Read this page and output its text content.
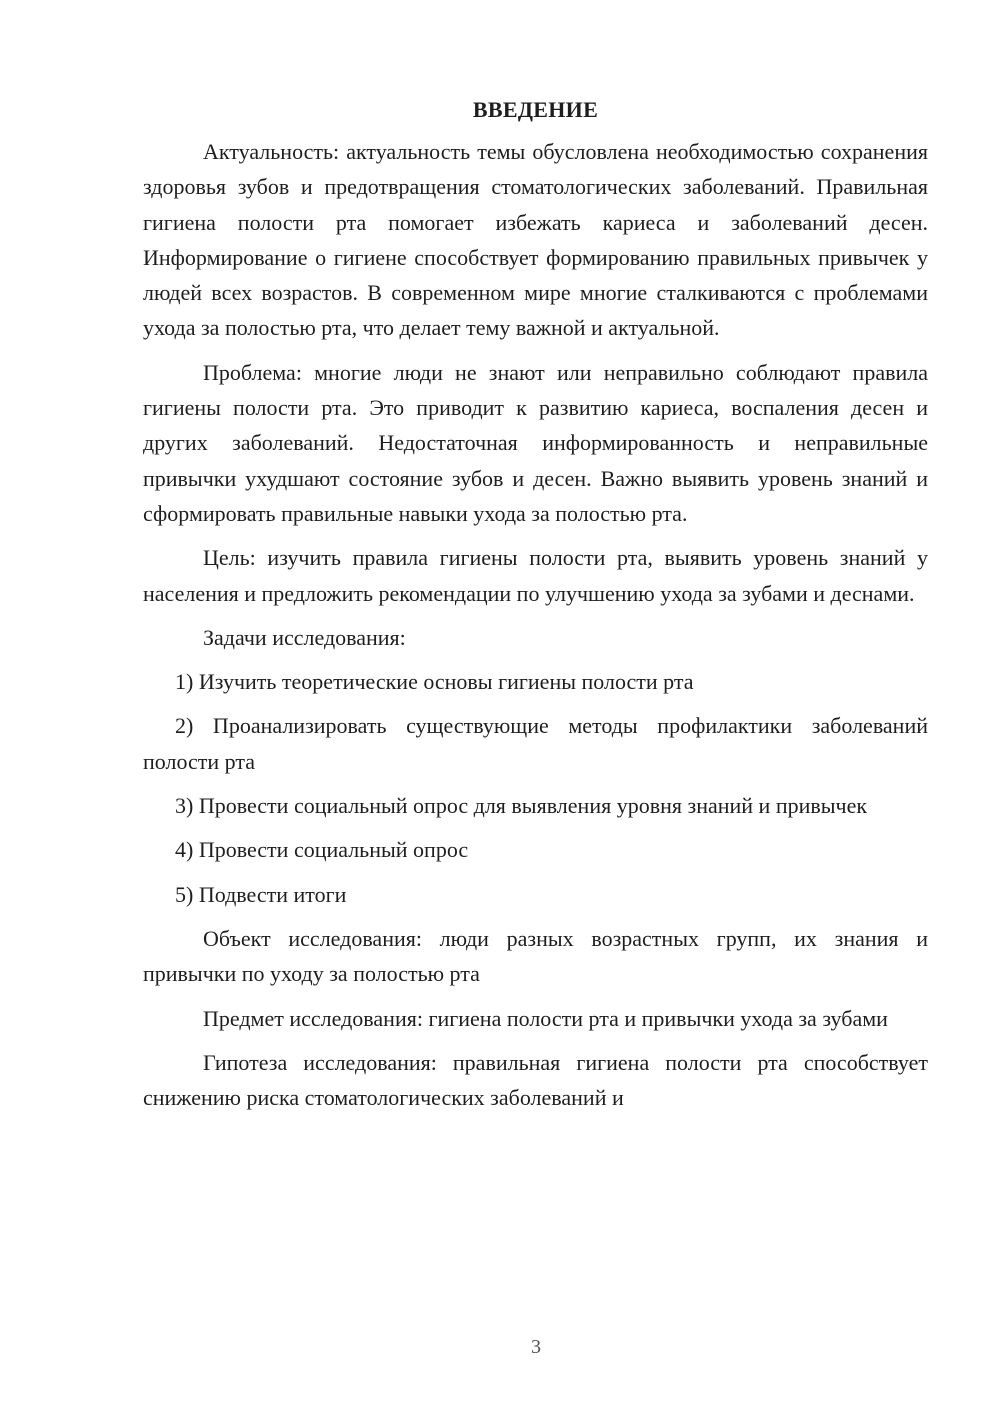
ВВЕДЕНИЕ

Актуальность: актуальность темы обусловлена необходимостью сохранения здоровья зубов и предотвращения стоматологических заболеваний. Правильная гигиена полости рта помогает избежать кариеса и заболеваний десен. Информирование о гигиене способствует формированию правильных привычек у людей всех возрастов. В современном мире многие сталкиваются с проблемами ухода за полостью рта, что делает тему важной и актуальной.

Проблема: многие люди не знают или неправильно соблюдают правила гигиены полости рта. Это приводит к развитию кариеса, воспаления десен и других заболеваний. Недостаточная информированность и неправильные привычки ухудшают состояние зубов и десен. Важно выявить уровень знаний и сформировать правильные навыки ухода за полостью рта.

Цель: изучить правила гигиены полости рта, выявить уровень знаний у населения и предложить рекомендации по улучшению ухода за зубами и деснами.

Задачи исследования:

1) Изучить теоретические основы гигиены полости рта

2) Проанализировать существующие методы профилактики заболеваний полости рта

3) Провести социальный опрос для выявления уровня знаний и привычек

4) Провести социальный опрос

5) Подвести итоги

Объект исследования: люди разных возрастных групп, их знания и привычки по уходу за полостью рта

Предмет исследования: гигиена полости рта и привычки ухода за зубами

Гипотеза исследования: правильная гигиена полости рта способствует снижению риска стоматологических заболеваний и

3
